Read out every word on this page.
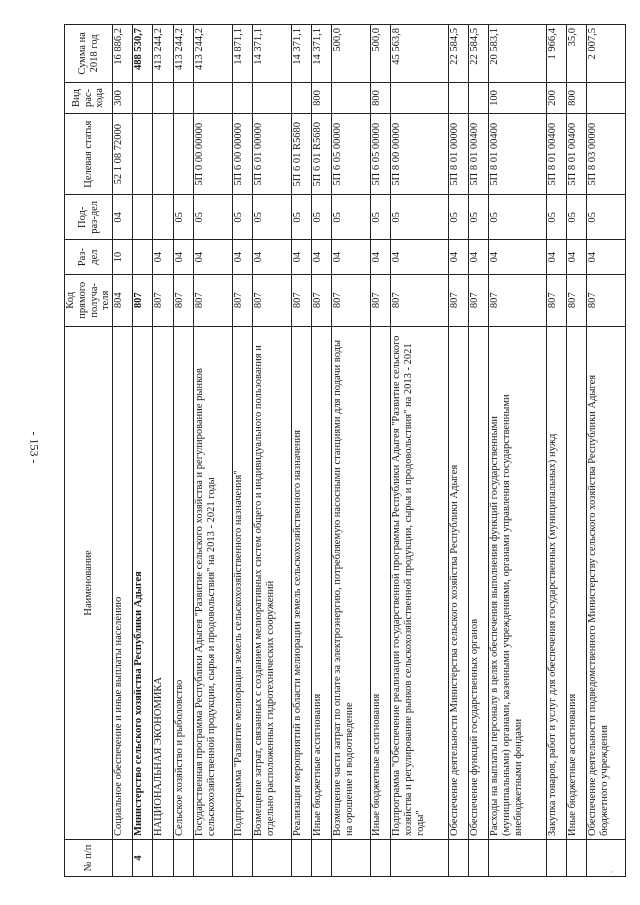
- 153 -
·
№ п/п	Наименование	Код прямого получа-теля	Раз-дел	Под-раз-дел	Целевая статья	Вид рас-хода	Сумма на 2018 год
	Социальное обеспечение и иные выплаты населению	804	10	04	52 1 08 72000	300	16 886,2
4	Министерство сельского хозяйства Республики Адыгея	807					488 530,7
	НАЦИОНАЛЬНАЯ ЭКОНОМИКА	807	04				413 244,2
	Сельское хозяйство и рыболовство	807	04	05			413 244,2
	Государственная программа Республики Адыгея "Развитие сельского хозяйства и регулирование рынков сельскохозяйственной продукции, сырья и продовольствия" на 2013 - 2021 годы	807	04	05	5П 0 00 00000		413 244,2
	Подпрограмма "Развитие мелиорации земель сельскохозяйственного назначения"	807	04	05	5П 6 00 00000		14 871,1
	Возмещение затрат, связанных с созданием мелиоративных систем общего и индивидуального пользования и отдельно расположенных гидротехнических сооружений	807	04	05	5П 6 01 00000		14 371,1
	Реализация мероприятий в области мелиорации земель сельскохозяйственного назначения	807	04	05	5П 6 01 R5680		14 371,1
	Иные бюджетные ассигнования	807	04	05	5П 6 01 R5680	800	14 371,1
	Возмещение части затрат по оплате за электроэнергию, потребляемую насосными станциями для подачи воды на орошение и водоотведение	807	04	05	5П 6 05 00000		500,0
	Иные бюджетные ассигнования	807	04	05	5П 6 05 00000	800	500,0
	Подпрограмма "Обеспечение реализации государственной программы Республики Адыгея "Развитие сельского хозяйства и регулирование рынков сельскохозяйственной продукции, сырья и продовольствия" на 2013 - 2021 годы"	807	04	05	5П 8 00 00000		45 563,8
	Обеспечение деятельности Министерства сельского хозяйства Республики Адыгея	807	04	05	5П 8 01 00000		22 584,5
	Обеспечение функций государственных органов	807	04	05	5П 8 01 00400		22 584,5
	Расходы на выплаты персоналу в целях обеспечения выполнения функций государственными (муниципальными) органами, казенными учреждениями, органами управления государственными внебюджетными фондами	807	04	05	5П 8 01 00400	100	20 583,1
	Закупка товаров, работ и услуг для обеспечения государственных (муниципальных) нужд	807	04	05	5П 8 01 00400	200	1 966,4
	Иные бюджетные ассигнования	807	04	05	5П 8 01 00400	800	35,0
	Обеспечение деятельности подведомственного Министерству сельского хозяйства Республики Адыгея бюджетного учреждения	807	04	05	5П 8 03 00000		2 007,5
